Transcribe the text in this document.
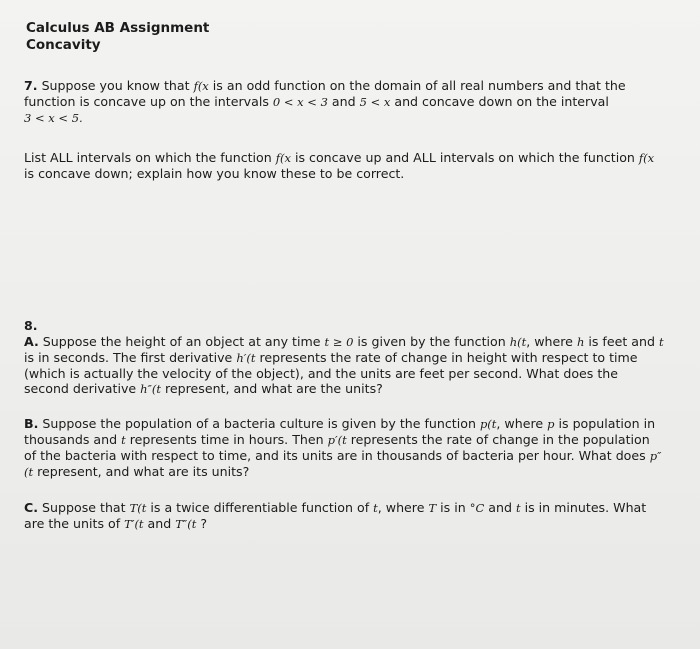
Calculus AB Assignment

Concavity

7. Suppose you know that f(x is an odd function on the domain of all real numbers and that the function is concave up on the intervals 0 < x < 3 and 5 < x and concave down on the interval
3 < x < 5.

List ALL intervals on which the function f(x is concave up and ALL intervals on which the function f(x is concave down; explain how you know these to be correct.

8.

A. Suppose the height of an object at any time t ≥ 0 is given by the function h(t, where h is feet and t is in seconds. The first derivative h′(t represents the rate of change in height with respect to time (which is actually the velocity of the object), and the units are feet per second. What does the second derivative h″(t represent, and what are the units?

B. Suppose the population of a bacteria culture is given by the function p(t, where p is population in thousands and t represents time in hours. Then p′(t represents the rate of change in the population of the bacteria with respect to time, and its units are in thousands of bacteria per hour. What does p″(t represent, and what are its units?

C. Suppose that T(t is a twice differentiable function of t, where T is in °C and t is in minutes. What are the units of T′(t and T″(t ?
